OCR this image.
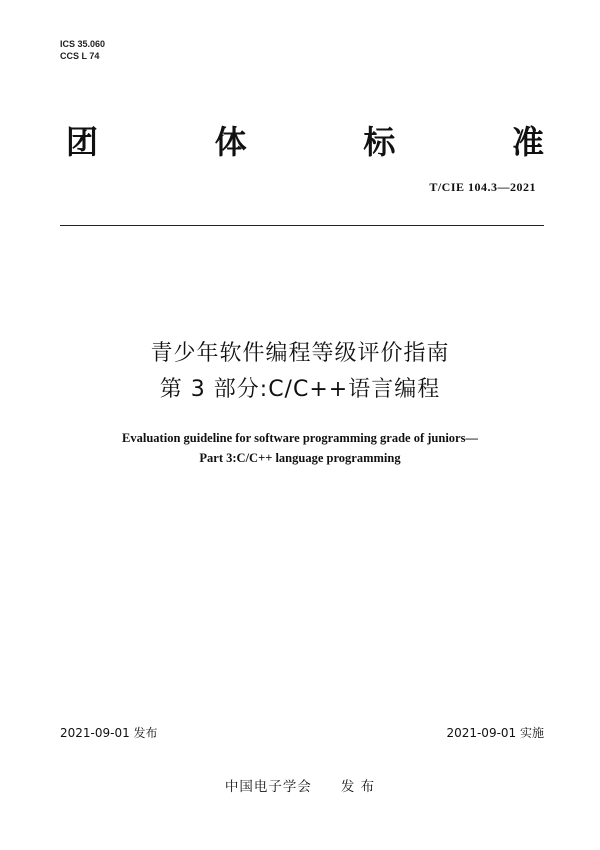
ICS 35.060
CCS L 74
团	体	标	准
T/CIE 104.3—2021
青少年软件编程等级评价指南
第 3 部分:C/C++语言编程
Evaluation guideline for software programming grade of juniors—
Part 3:C/C++ language programming
2021-09-01 发布	2021-09-01 实施
中国电子学会　　发 布
